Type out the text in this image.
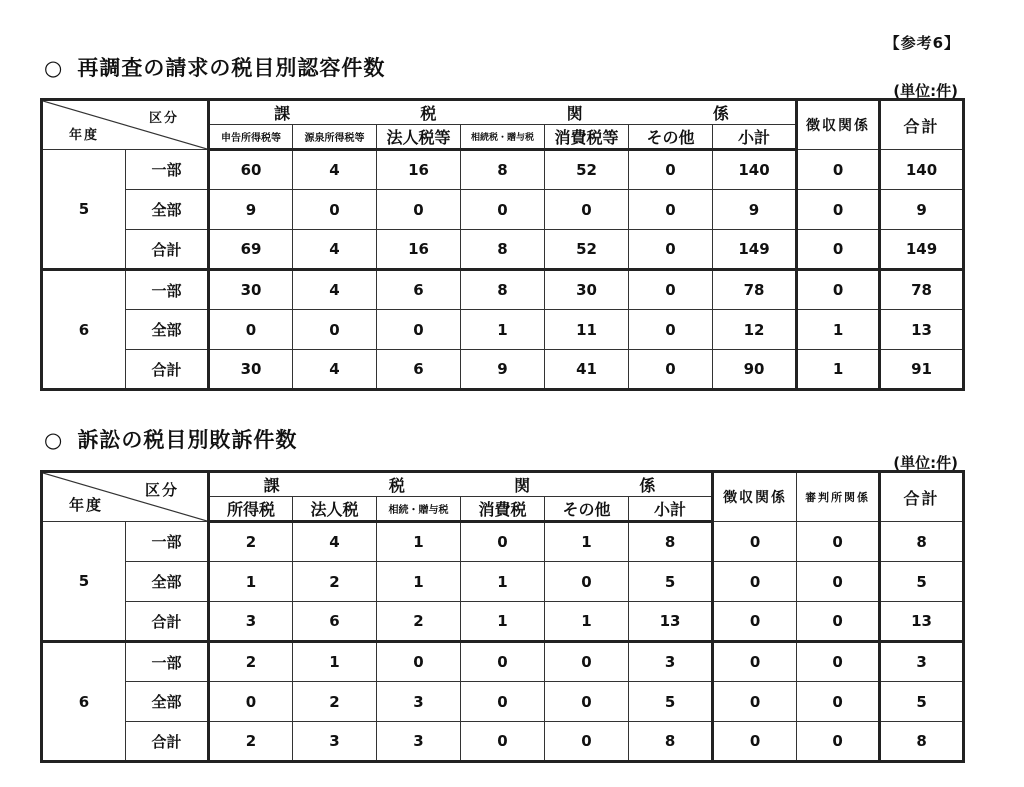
【参考6】
○ 再調査の請求の税目別認容件数
(単位:件)
区分
年度		課 税 関 係							徴収関係	合計
		申告所得税等	源泉所得税等	法人税等	相続税・贈与税	消費税等	その他	小計		
5	一部	60	4	16	8	52	0	140	0	140
	全部	9	0	0	0	0	0	9	0	9
	合計	69	4	16	8	52	0	149	0	149
6	一部	30	4	6	8	30	0	78	0	78
	全部	0	0	0	1	11	0	12	1	13
	合計	30	4	6	9	41	0	90	1	91
○ 訴訟の税目別敗訴件数
(単位:件)
区分
年度		課 税 関 係						徴収関係	審判所関係	合計
		所得税	法人税	相続・贈与税	消費税	その他	小計			
5	一部	2	4	1	0	1	8	0	0	8
	全部	1	2	1	1	0	5	0	0	5
	合計	3	6	2	1	1	13	0	0	13
6	一部	2	1	0	0	0	3	0	0	3
	全部	0	2	3	0	0	5	0	0	5
	合計	2	3	3	0	0	8	0	0	8
